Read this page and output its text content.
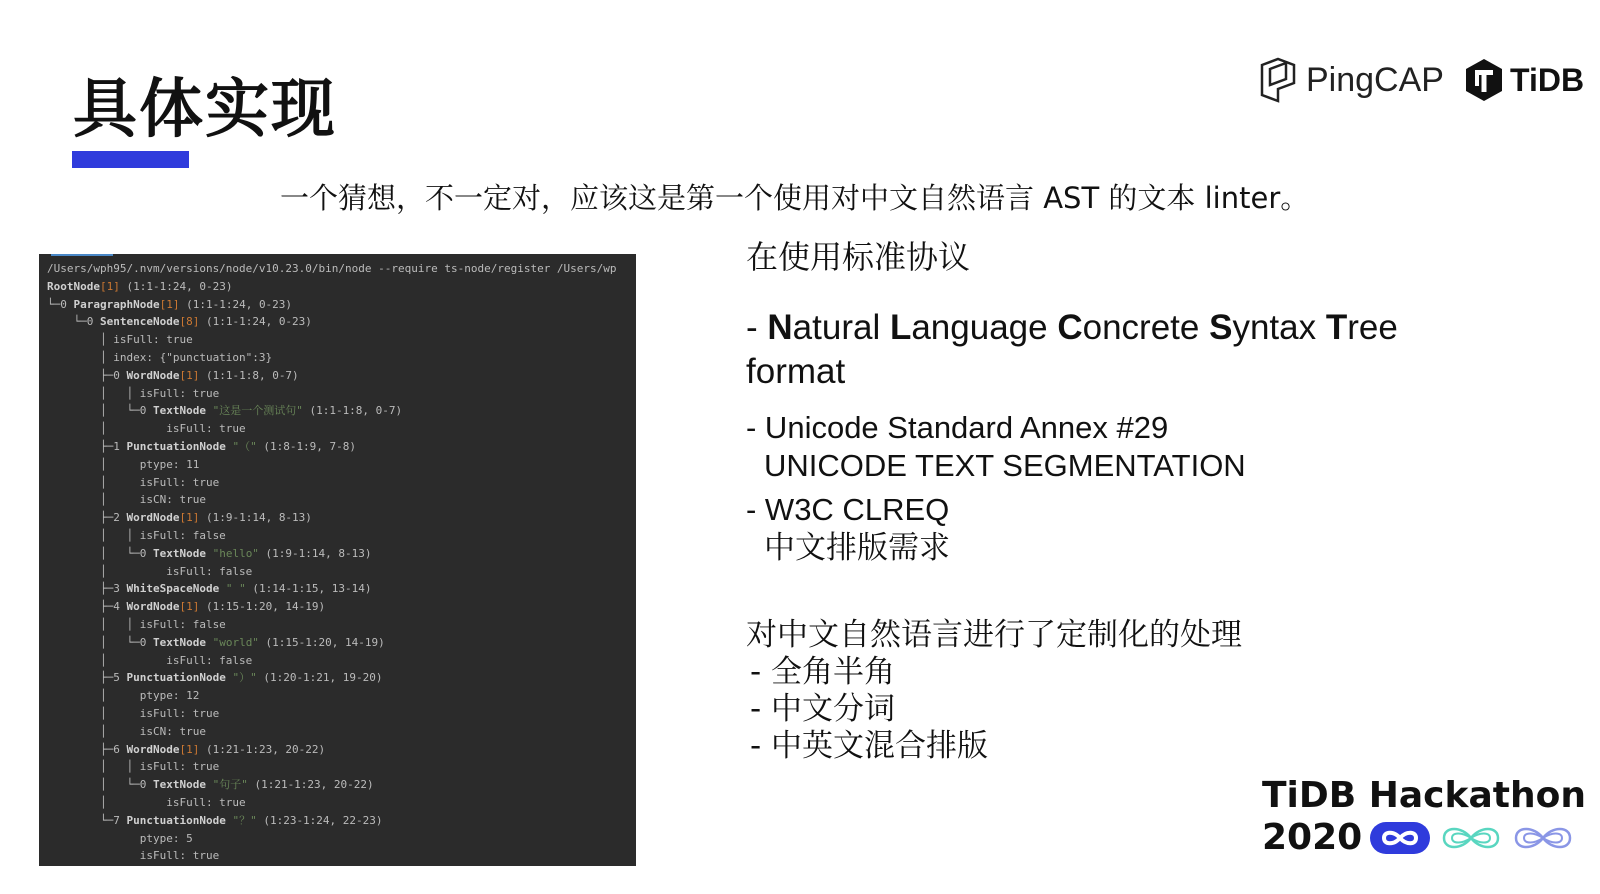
具体实现	PingCAP TiDB
一个猜想，不一定对，应该这是第一个使用对中文自然语言 AST 的文本 linter。
/Users/wph95/.nvm/versions/node/v10.23.0/bin/node --require ts-node/register /Users/wp
RootNode[1] (1:1-1:24, 0-23)
└─0 ParagraphNode[1] (1:1-1:24, 0-23)
└─0 SentenceNode[8] (1:1-1:24, 0-23)
│ isFull: true
│ index: {"punctuation":3}
├─0 WordNode[1] (1:1-1:8, 0-7)
│   │ isFull: true
│   └─0 TextNode "这是一个测试句" (1:1-1:8, 0-7)
│         isFull: true
├─1 PunctuationNode "（" (1:8-1:9, 7-8)
│     ptype: 11
│     isFull: true
│     isCN: true
├─2 WordNode[1] (1:9-1:14, 8-13)
│   │ isFull: false
│   └─0 TextNode "hello" (1:9-1:14, 8-13)
│         isFull: false
├─3 WhiteSpaceNode " " (1:14-1:15, 13-14)
├─4 WordNode[1] (1:15-1:20, 14-19)
│   │ isFull: false
│   └─0 TextNode "world" (1:15-1:20, 14-19)
│         isFull: false
├─5 PunctuationNode "）" (1:20-1:21, 19-20)
│     ptype: 12
│     isFull: true
│     isCN: true
├─6 WordNode[1] (1:21-1:23, 20-22)
│   │ isFull: true
│   └─0 TextNode "句子" (1:21-1:23, 20-22)
│         isFull: true
└─7 PunctuationNode "？" (1:23-1:24, 22-23)
ptype: 5
isFull: true
在使用标准协议
- Natural Language Concrete Syntax Tree
format
- Unicode Standard Annex #29
UNICODE TEXT SEGMENTATION
- W3C CLREQ
中文排版需求
对中文自然语言进行了定制化的处理
- 全角半角
- 中文分词
- 中英文混合排版
TiDB Hackathon
2020
